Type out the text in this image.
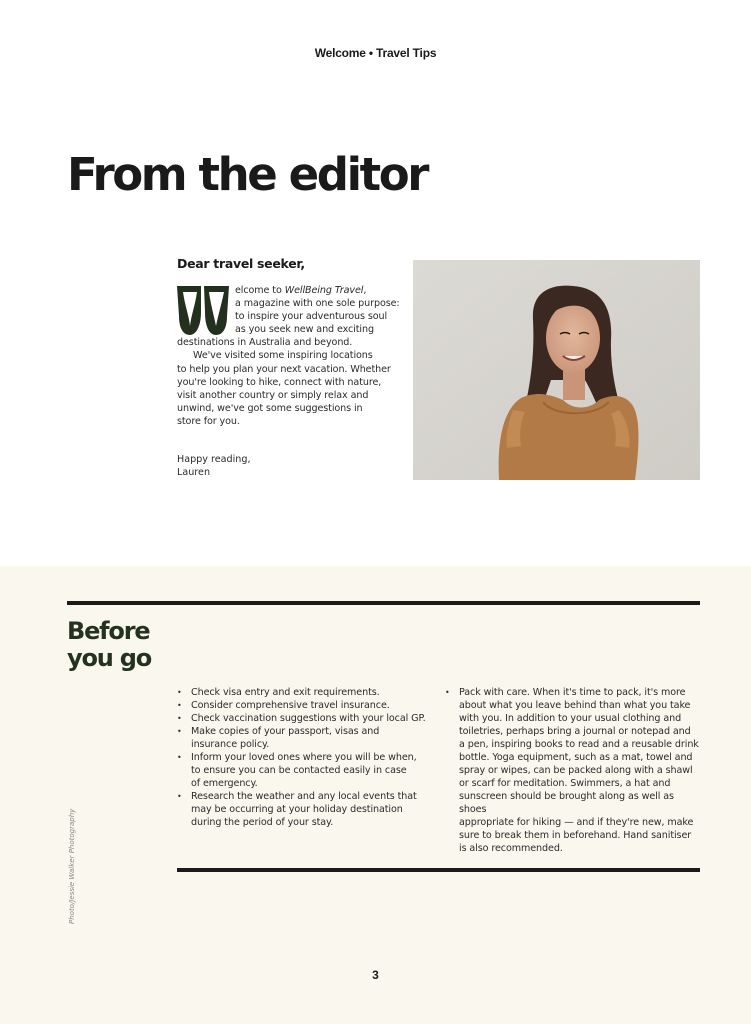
Welcome • Travel Tips
From the editor
Dear travel seeker,
elcome to WellBeing Travel,
a magazine with one sole purpose:
to inspire your adventurous soul
as you seek new and exciting
destinations in Australia and beyond.
We've visited some inspiring locations
to help you plan your next vacation. Whether
you're looking to hike, connect with nature,
visit another country or simply relax and
unwind, we've got some suggestions in
store for you.
Happy reading,
Lauren
Before
you go
• Check visa entry and exit requirements.
• Consider comprehensive travel insurance.
• Check vaccination suggestions with your local GP.
• Make copies of your passport, visas and
insurance policy.
• Inform your loved ones where you will be when,
to ensure you can be contacted easily in case
of emergency.
• Research the weather and any local events that
may be occurring at your holiday destination
during the period of your stay.
• Pack with care. When it's time to pack, it's more
about what you leave behind than what you take
with you. In addition to your usual clothing and
toiletries, perhaps bring a journal or notepad and
a pen, inspiring books to read and a reusable drink
bottle. Yoga equipment, such as a mat, towel and
spray or wipes, can be packed along with a shawl
or scarf for meditation. Swimmers, a hat and
sunscreen should be brought along as well as shoes
appropriate for hiking — and if they're new, make
sure to break them in beforehand. Hand sanitiser
is also recommended.
Photo/Jessie Walker Photography
3
